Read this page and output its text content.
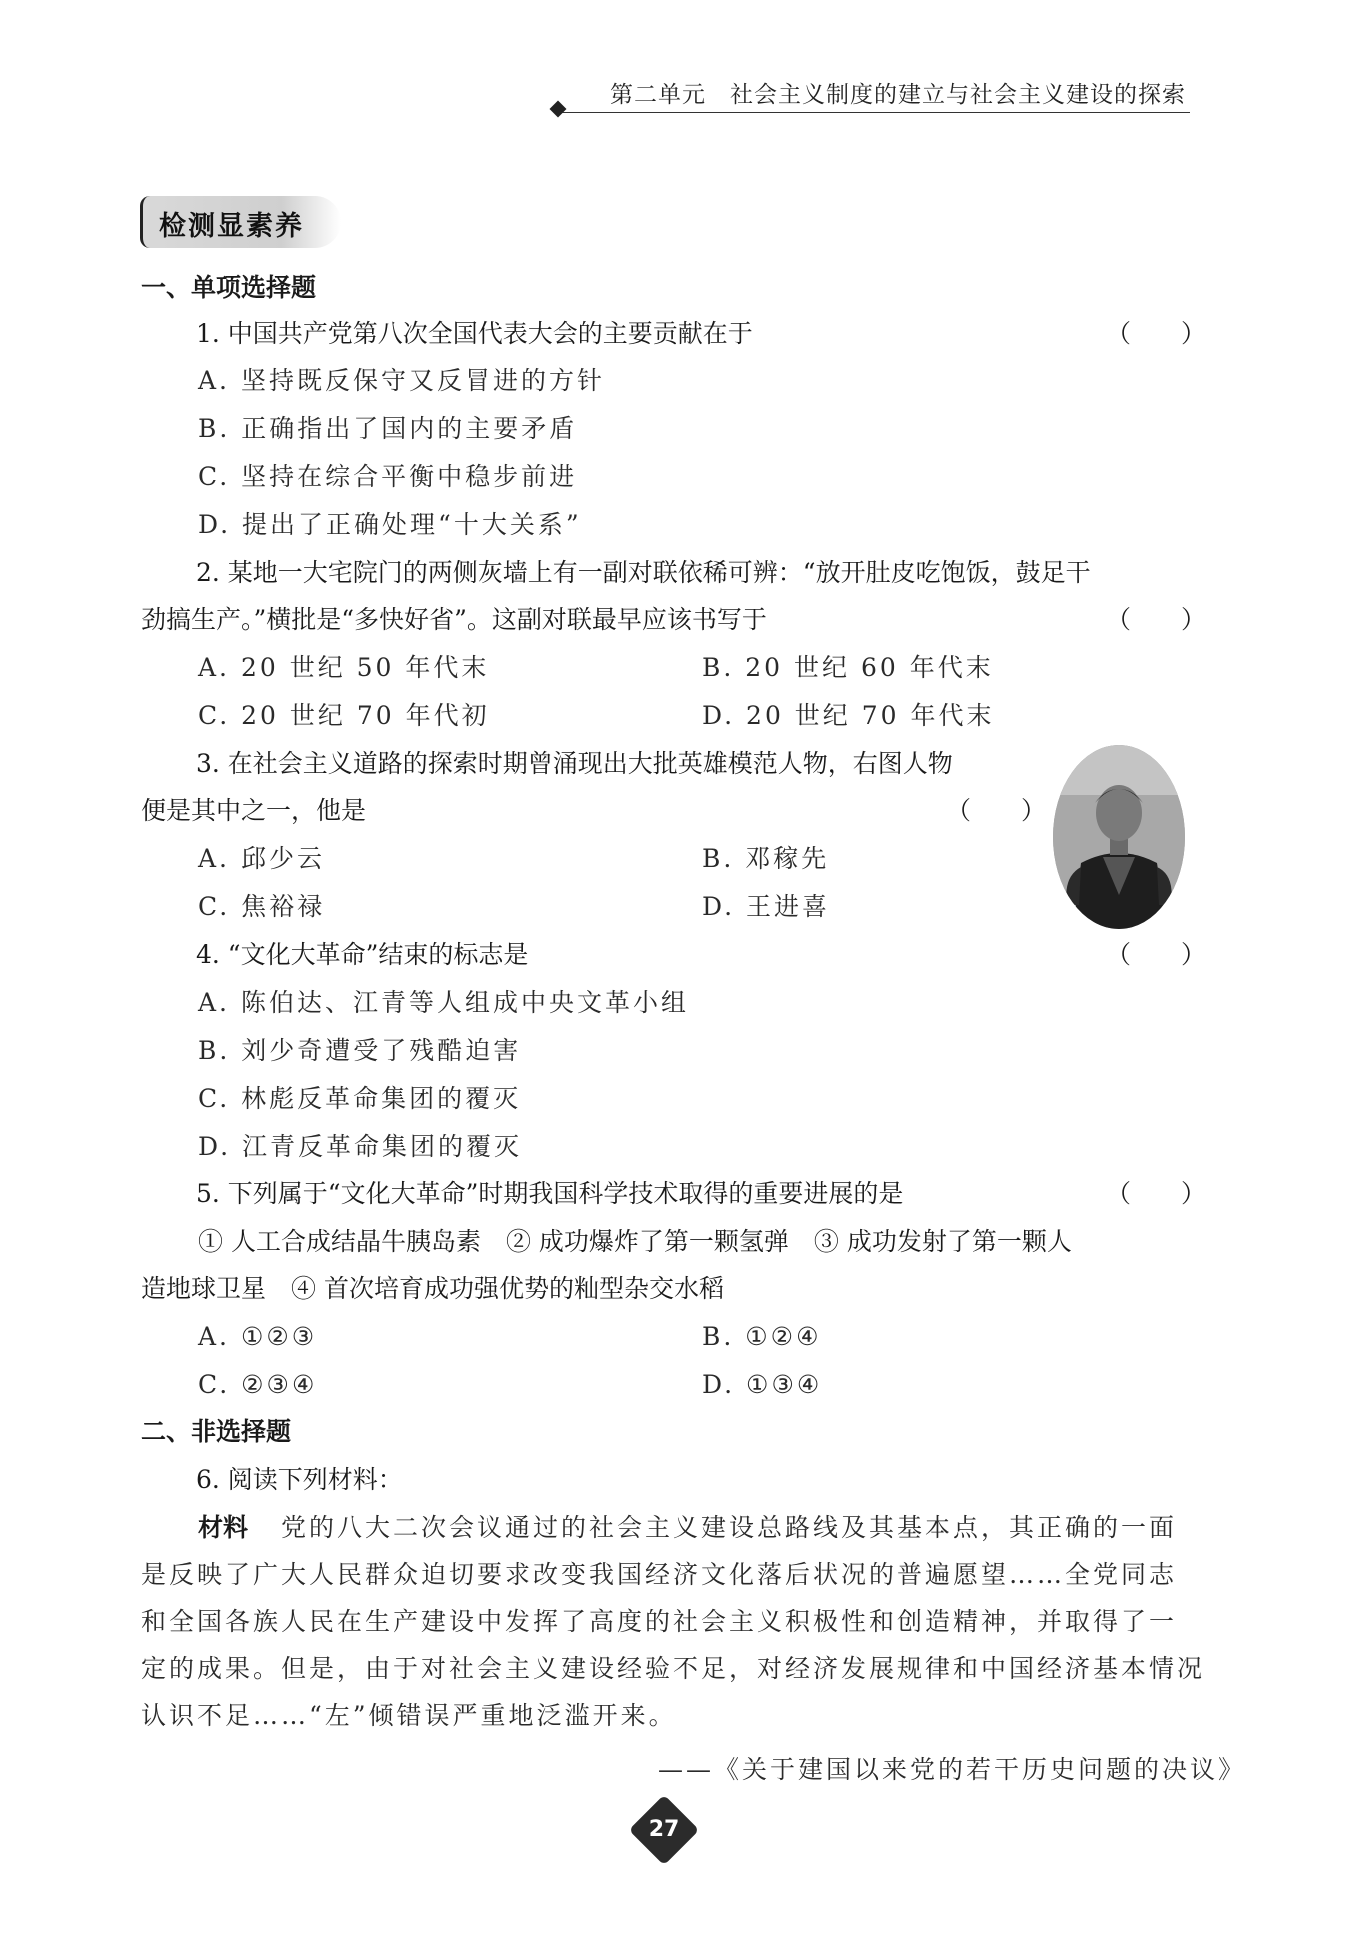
第二单元　社会主义制度的建立与社会主义建设的探索
检测显素养
一、单项选择题
1. 中国共产党第八次全国代表大会的主要贡献在于	（　　）
A. 坚持既反保守又反冒进的方针
B. 正确指出了国内的主要矛盾
C. 坚持在综合平衡中稳步前进
D. 提出了正确处理“十大关系”
2. 某地一大宅院门的两侧灰墙上有一副对联依稀可辨：“放开肚皮吃饱饭，鼓足干
劲搞生产。”横批是“多快好省”。这副对联最早应该书写于	（　　）
A. 20 世纪 50 年代末	B. 20 世纪 60 年代末
C. 20 世纪 70 年代初	D. 20 世纪 70 年代末
3. 在社会主义道路的探索时期曾涌现出大批英雄模范人物，右图人物
便是其中之一，他是	（　　）
A. 邱少云	B. 邓稼先
C. 焦裕禄	D. 王进喜
4. “文化大革命”结束的标志是	（　　）
A. 陈伯达、江青等人组成中央文革小组
B. 刘少奇遭受了残酷迫害
C. 林彪反革命集团的覆灭
D. 江青反革命集团的覆灭
5. 下列属于“文化大革命”时期我国科学技术取得的重要进展的是	（　　）
① 人工合成结晶牛胰岛素　② 成功爆炸了第一颗氢弹　③ 成功发射了第一颗人
造地球卫星　④ 首次培育成功强优势的籼型杂交水稻
A. ①②③	B. ①②④
C. ②③④	D. ①③④
二、非选择题
6. 阅读下列材料：
材料 党的八大二次会议通过的社会主义建设总路线及其基本点，其正确的一面
是反映了广大人民群众迫切要求改变我国经济文化落后状况的普遍愿望……全党同志
和全国各族人民在生产建设中发挥了高度的社会主义积极性和创造精神，并取得了一
定的成果。但是，由于对社会主义建设经验不足，对经济发展规律和中国经济基本情况
认识不足……“左”倾错误严重地泛滥开来。
——《关于建国以来党的若干历史问题的决议》
27
